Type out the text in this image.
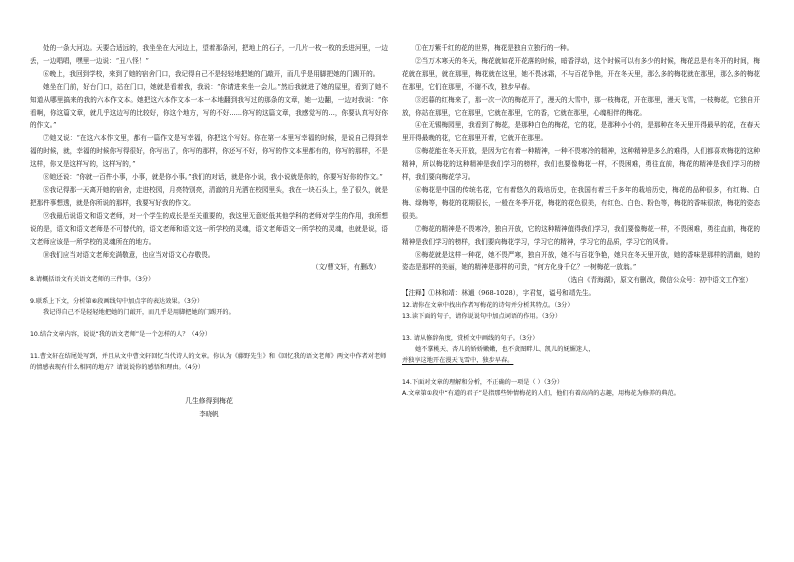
处的一条大河边。天要合适远的，我坐坐在大河边上，望着那条河，把地上的石子，一几片一枚一枚的丢进河里，一边丢，一边唱唱，嘿里一边说：“丑八怪！”

⑥晚上，我回到学校，来到了她的宿舍门口，我记得自己不是轻轻地把她的门敲开，而几乎是用脚把她的门踢开的。

她坐在门前，好台门口，站在门口，她就是看着我，我说：“你请进来坐一会儿。”然后我就进了她的屋里，看到了她不知道从哪里搞来的我的六本作文本。她把这六本作文本一本一本地翻到我写过的那条的文章，她一边翻，一边对我说：“你看啊，你这篇文章，就几乎这边写的比较好，你这个地方，写的不好......你写的这篇文章，我感觉写的...，你要认真写好你的作文。”

⑦她又说：“在这六本作文里，都有一篇作文是写幸福，你把这个写好。你在第一本里写幸福的时候，是说自己得到幸福的时候，就，幸福的时候你写得很好，你写出了，你写的那样，你还写不好，你写的作文本里都有的，你写的那样，不是这样，你又是这样写的，这样写的，”

⑧她还说：“你就一百件小事，小事，就是你小事。”我们的对话，就是你小说，我小说就是你的，你要写好你的作文。”

⑧我记得那一天离开她的宿舍，走进校园，月亮特别亮，清澈的月光洒在校园里头，我在一块石头上，坐了很久，就是把那件事想透，就是你所说的那样，我要写好我的作文。

⑨我最后说语文和语文老师，对一个学生的成长是至关重要的，我这里无意贬低其他学科的老师对学生的作用，我所想说的是，语文和语文老师是不可替代的，语文老师和语文这一所学校的灵魂，语文老师语文一所学校的灵魂，也就是说，语文老师应该是一所学校的灵魂所在的地方。

⑩我们应当对语文老师充满敬意，也应当对语文心存敬畏。

（文/曹文轩，有删改）

8.请概括语文有关语文老师的三件事。（3分）

9.联系上下文，分析第⑥段画线句中加点字的表达效果。（3分）

我记得自己不是轻轻地把她的门敲开，而几乎是用脚把她的门踢开的。

10.结合文章内容，说说“我的语文老师”是一个怎样的人？（4分）

11.曹文轩在结尾处写到，并且从文中曹文轩回忆当代诗人的文章。你认为《藤野先生》和《回忆我的语文老师》两文中作者对老师的情感表现有什么相同的地方？请说说你的感悟和理由。（4分）

几生修得到梅花

李晓帆

①在万紫千红的花的世界，梅花是独自立独行的一种。

②当万木寒天的冬天，梅花就如花开花落的时候，暗香浮动，这个时候可以有多少的时候，梅花总是有冬开的时间，梅花就在那里，就在那里，梅花就在这里，她不畏冰霜，不与百花争艳，开在冬天里，那么多的梅花就在那里，那么多的梅花在那里，它们在那里，不谢不改，独步早春。

③迟暮的红梅来了，那一次一次的梅花开了，漫天的大雪中，那一枝梅花，开在那里，漫天飞雪，一枝梅花，它独自开放，你站在那里，它在那里，它就在那里，它的香，它就在那里，心魂相伴的梅花。

④在无锡梅园里，我看到了梅花，是那种白色的梅花，它的花，是那种小小的，是那种在冬天里开得最早的花，在春天里开得最晚的花，它在那里开着，它就开在那里。

⑤梅花能在冬天开放，是因为它有着一种精神，一种不畏寒冷的精神，这种精神是多么的难得，人们都喜欢梅花的这种精神，所以梅花的这种精神是我们学习的榜样，我们也要像梅花一样，不畏困难，勇往直前，梅花的精神是我们学习的榜样，我们要向梅花学习。

⑥梅花是中国的传统名花，它有着悠久的栽培历史，在我国有着三千多年的栽培历史，梅花的品种很多，有红梅、白梅、绿梅等，梅花的花期很长，一般在冬季开花，梅花的花色很美，有红色、白色、粉色等，梅花的香味很浓，梅花的姿态很美。

⑦梅花的精神是不畏寒冷，独自开放，它的这种精神值得我们学习，我们要像梅花一样，不畏困难，勇往直前，梅花的精神是我们学习的榜样，我们要向梅花学习，学习它的精神，学习它的品质，学习它的风骨。

⑧梅花就是这样一种花，她不畏严寒，独自开放，她不与百花争艳，她只在冬天里开放，她的香味是那样的清幽，她的姿态是那样的美丽，她的精神是那样的可贵，“何方化身千亿？一树梅花一放翁。”

（选自《青海湖》，原文有删改，微信公众号：初中语文工作室）

【注释】①林和靖：林逋（968-1028），字君复，谥号和靖先生。

12.请你在文章中找出作者写梅花的诗句并分析其特点。（3分）

13.读下面的句子，请你说说句中加点词语的作用。（3分）

13. 请从修辞角度，赏析文中画线的句子。（3分）

她不掌桃天、杏儿的娇娇嫩嫩，也不贪图畔儿、凯儿的妩媚迷人，

并独享这地开在漫天飞雪中，独步早春。

14.下面对文章的理解和分析，不正确的一项是（ ）（3分）

A.文章第①段中“有道的君子”是指那些钟情梅花的人们，他们有着高尚的志趣，用梅花为修养的典范。
